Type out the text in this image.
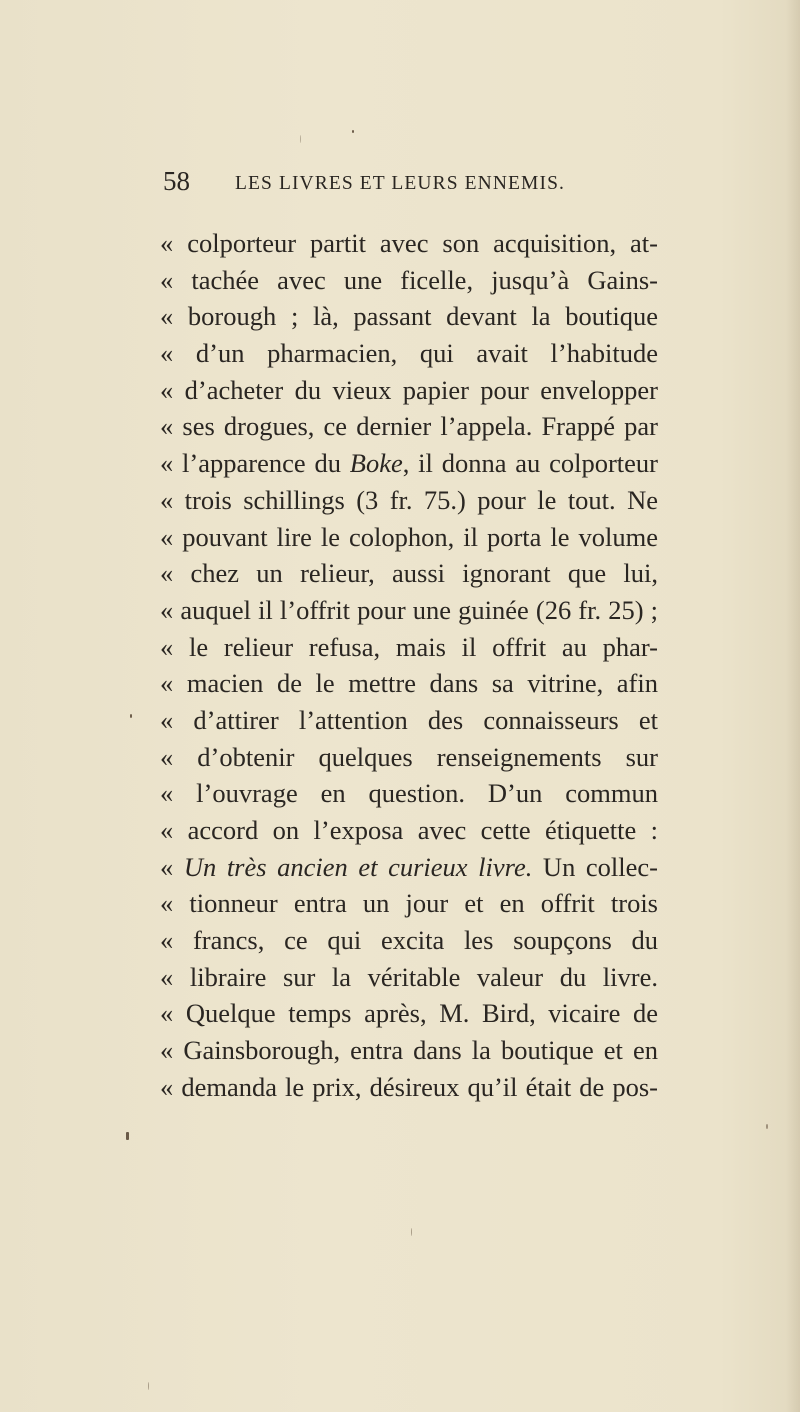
58 LES LIVRES ET LEURS ENNEMIS.
« colporteur partit avec son acquisition, at-
« tachée avec une ficelle, jusqu’à Gains-
« borough ; là, passant devant la boutique
« d’un pharmacien, qui avait l’habitude
« d’acheter du vieux papier pour envelopper
« ses drogues, ce dernier l’appela. Frappé par
« l’apparence du Boke, il donna au colporteur
« trois schillings (3 fr. 75.) pour le tout. Ne
« pouvant lire le colophon, il porta le volume
« chez un relieur, aussi ignorant que lui,
« auquel il l’offrit pour une guinée (26 fr. 25) ;
« le relieur refusa, mais il offrit au phar-
« macien de le mettre dans sa vitrine, afin
« d’attirer l’attention des connaisseurs et
« d’obtenir quelques renseignements sur
« l’ouvrage en question. D’un commun
« accord on l’exposa avec cette étiquette :
« Un très ancien et curieux livre. Un collec-
« tionneur entra un jour et en offrit trois
« francs, ce qui excita les soupçons du
« libraire sur la véritable valeur du livre.
« Quelque temps après, M. Bird, vicaire de
« Gainsborough, entra dans la boutique et en
« demanda le prix, désireux qu’il était de pos-
